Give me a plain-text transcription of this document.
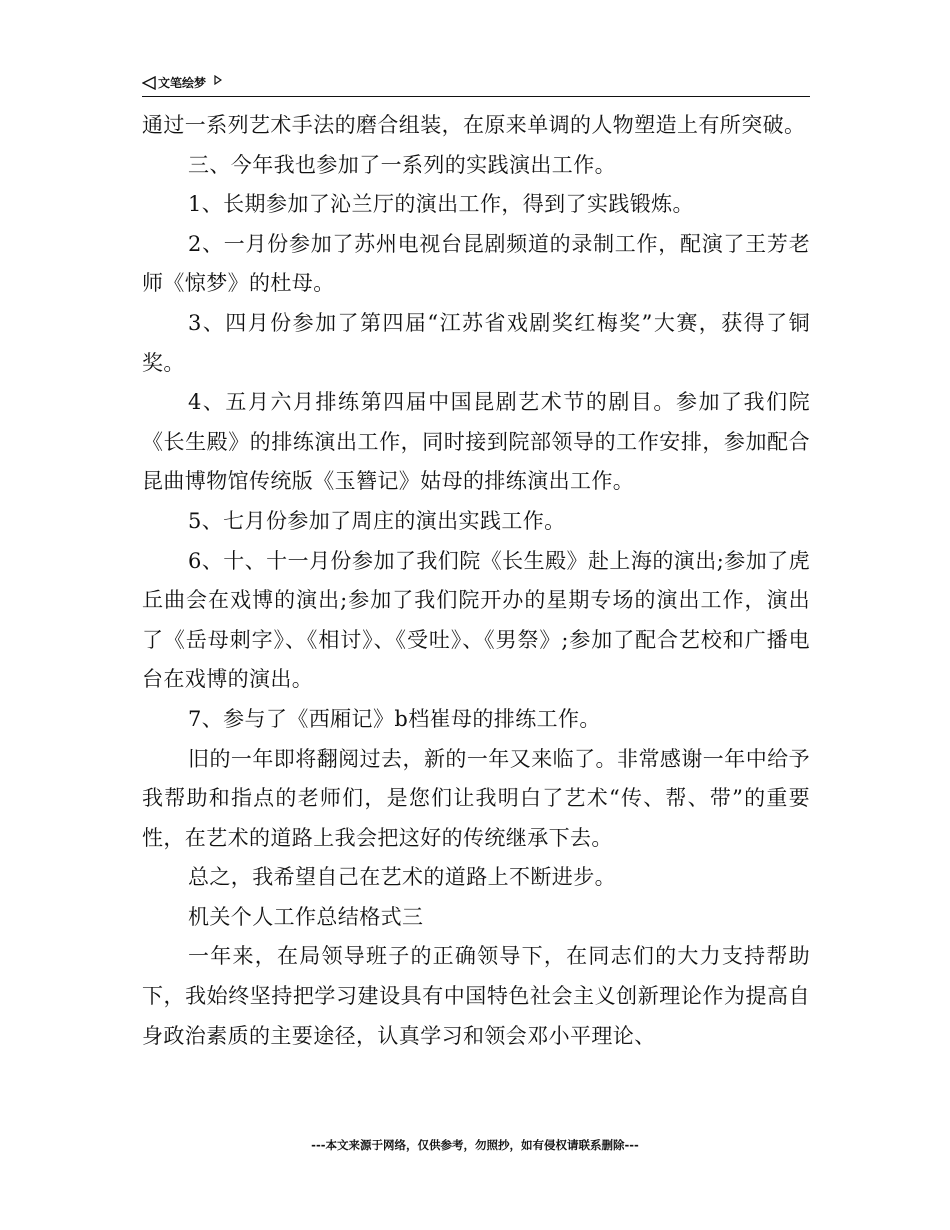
文笔绘梦

通过一系列艺术手法的磨合组装，在原来单调的人物塑造上有所突破。

三、今年我也参加了一系列的实践演出工作。

1、长期参加了沁兰厅的演出工作，得到了实践锻炼。

2、一月份参加了苏州电视台昆剧频道的录制工作，配演了王芳老师《惊梦》的杜母。

3、四月份参加了第四届“江苏省戏剧奖红梅奖”大赛，获得了铜奖。

4、五月六月排练第四届中国昆剧艺术节的剧目。参加了我们院《长生殿》的排练演出工作，同时接到院部领导的工作安排，参加配合昆曲博物馆传统版《玉簪记》姑母的排练演出工作。

5、七月份参加了周庄的演出实践工作。

6、十、十一月份参加了我们院《长生殿》赴上海的演出;参加了虎丘曲会在戏博的演出;参加了我们院开办的星期专场的演出工作，演出了《岳母刺字》、《相讨》、《受吐》、《男祭》;参加了配合艺校和广播电台在戏博的演出。

7、参与了《西厢记》b档崔母的排练工作。

旧的一年即将翻阅过去，新的一年又来临了。非常感谢一年中给予我帮助和指点的老师们，是您们让我明白了艺术“传、帮、带”的重要性，在艺术的道路上我会把这好的传统继承下去。

总之，我希望自己在艺术的道路上不断进步。

机关个人工作总结格式三

一年来，在局领导班子的正确领导下，在同志们的大力支持帮助下，我始终坚持把学习建设具有中国特色社会主义创新理论作为提高自身政治素质的主要途径，认真学习和领会邓小平理论、

---本文来源于网络，仅供参考，勿照抄，如有侵权请联系删除---
